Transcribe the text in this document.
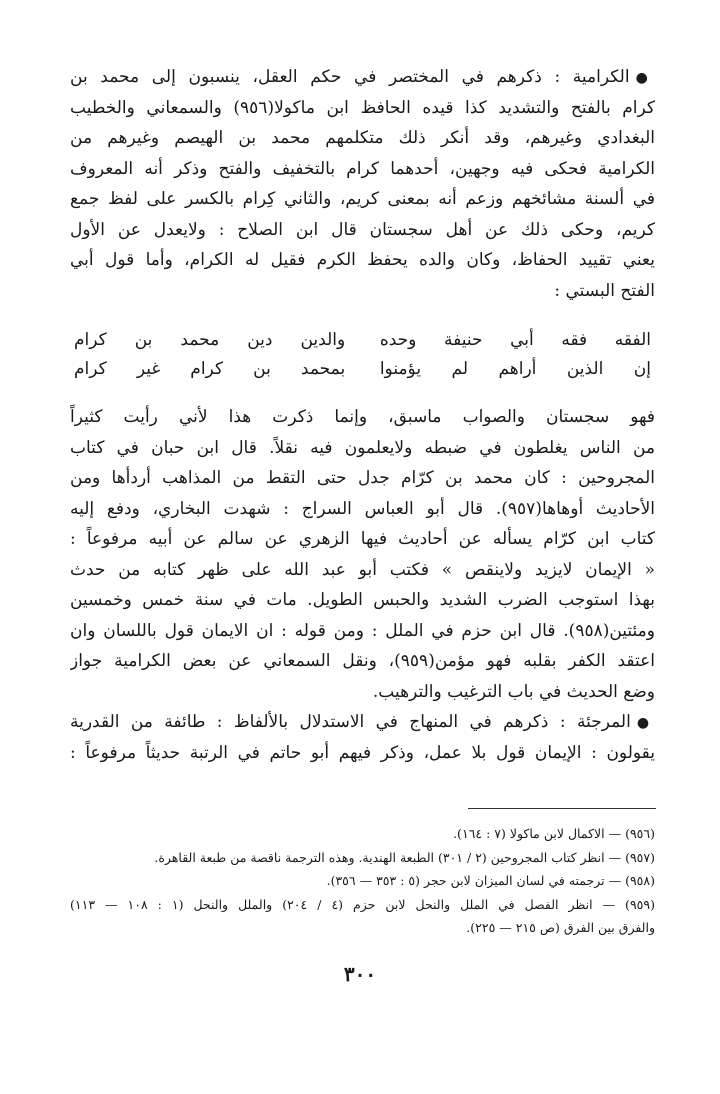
●الكرامية : ذكرهم في المختصر في حكم العقل، ينسبون إلى محمد بن
كرام بالفتح والتشديد كذا قيده الحافظ ابن ماكولا(٩٥٦) والسمعاني والخطيب
البغدادي وغيرهم، وقد أنكر ذلك متكلمهم محمد بن الهيصم وغيرهم من
الكرامية فحكى فيه وجهين، أحدهما كرام بالتخفيف والفتح وذكر أنه المعروف
في ألسنة مشائخهم وزعم أنه بمعنى كريم، والثاني كِرام بالكسر على لفظ جمع
كريم، وحكى ذلك عن أهل سجستان قال ابن الصلاح : ولايعدل عن الأول
يعني تقييد الحفاظ، وكان والده يحفظ الكرم فقيل له الكرام، وأما قول أبي
الفتح البستي :
الفقه فقه أبي حنيفة وحده
والدين دين محمد بن كرام
إن الذين أراهم لم يؤمنوا
بمحمد بن كرام غير كرام
فهو سجستان والصواب ماسبق، وإنما ذكرت هذا لأني رأيت كثيراً
من الناس يغلطون في ضبطه ولايعلمون فيه نقلاً. قال ابن حبان في كتاب
المجروحين : كان محمد بن كرّام جدل حتى التقط من المذاهب أردأها ومن
الأحاديث أوهاها(٩٥٧). قال أبو العباس السراج : شهدت البخاري، ودفع إليه
كتاب ابن كرّام يسأله عن أحاديث فيها الزهري عن سالم عن أبيه مرفوعاً :
« الإيمان لايزيد ولاينقص » فكتب أبو عبد الله على ظهر كتابه من حدث
بهذا استوجب الضرب الشديد والحبس الطويل. مات في سنة خمس وخمسين
ومئتين(٩٥٨). قال ابن حزم في الملل : ومن قوله : ان الايمان قول باللسان وان
اعتقد الكفر بقلبه فهو مؤمن(٩٥٩)، ونقل السمعاني عن بعض الكرامية جواز
وضع الحديث في باب الترغيب والترهيب.
●المرجئة : ذكرهم في المنهاج في الاستدلال بالألفاظ : طائفة من القدرية
يقولون : الإيمان قول بلا عمل، وذكر فيهم أبو حاتم في الرتبة حديثاً مرفوعاً :
(٩٥٦) — الاكمال لابن ماكولا (٧ : ١٦٤).
(٩٥٧) — انظر كتاب المجروحين (٢ / ٣٠١) الطبعة الهندية. وهذه الترجمة ناقصة من طبعة القاهرة.
(٩٥٨) — ترجمته في لسان الميزان لابن حجر (٥ : ٣٥٣ — ٣٥٦).
(٩٥٩) — انظر الفصل في الملل والنحل لابن حزم (٤ / ٢٠٤) والملل والنحل (١ : ١٠٨ — ١١٣)
والفرق بين الفرق (ص ٢١٥ — ٢٢٥).
٣٠٠
